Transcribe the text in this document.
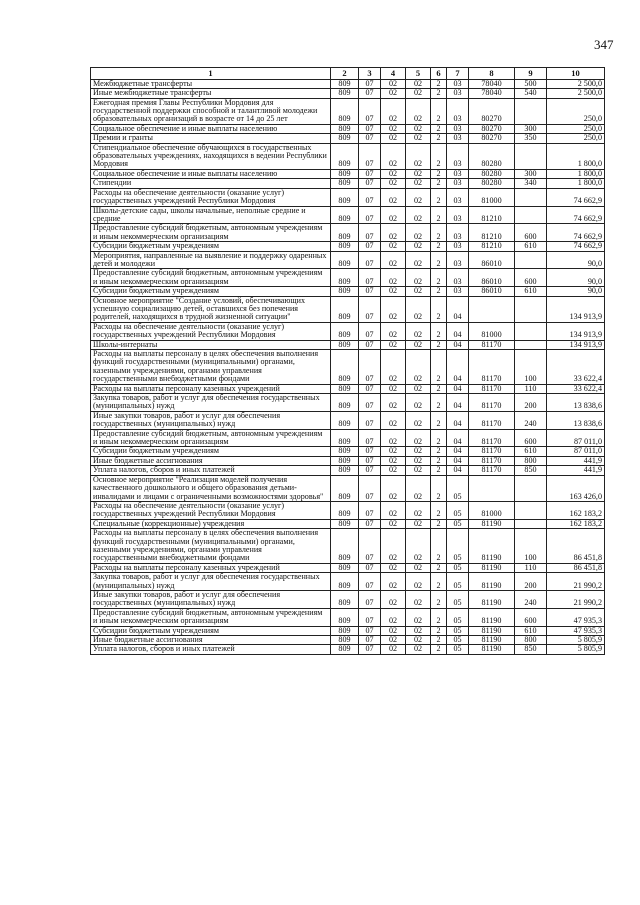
347
1	2	3	4	5	6	7	8	9	10
Межбюджетные трансферты	809	07	02	02	2	03	78040	500	2 500,0
Иные межбюджетные трансферты	809	07	02	02	2	03	78040	540	2 500,0
Ежегодная премия Главы Республики Мордовия для государственной поддержки способной и талантливой молодежи образовательных организаций в возрасте от 14 до 25 лет	809	07	02	02	2	03	80270		250,0
Социальное обеспечение и иные выплаты населению	809	07	02	02	2	03	80270	300	250,0
Премии и гранты	809	07	02	02	2	03	80270	350	250,0
Стипендиальное обеспечение обучающихся в государственных образовательных учреждениях, находящихся в ведении Республики Мордовия	809	07	02	02	2	03	80280		1 800,0
Социальное обеспечение и иные выплаты населению	809	07	02	02	2	03	80280	300	1 800,0
Стипендии	809	07	02	02	2	03	80280	340	1 800,0
Расходы на обеспечение деятельности (оказание услуг) государственных учреждений Республики Мордовия	809	07	02	02	2	03	81000		74 662,9
Школы-детские сады, школы начальные, неполные средние и средние	809	07	02	02	2	03	81210		74 662,9
Предоставление субсидий бюджетным, автономным учреждениям и иным некоммерческим организациям	809	07	02	02	2	03	81210	600	74 662,9
Субсидии бюджетным учреждениям	809	07	02	02	2	03	81210	610	74 662,9
Мероприятия, направленные на выявление и поддержку одаренных детей и молодежи	809	07	02	02	2	03	86010		90,0
Предоставление субсидий бюджетным, автономным учреждениям и иным некоммерческим организациям	809	07	02	02	2	03	86010	600	90,0
Субсидии бюджетным учреждениям	809	07	02	02	2	03	86010	610	90,0
Основное мероприятие "Создание условий, обеспечивающих успешную социализацию детей, оставшихся без попечения родителей, находящихся в трудной жизненной ситуации"	809	07	02	02	2	04			134 913,9
Расходы на обеспечение деятельности (оказание услуг) государственных учреждений Республики Мордовия	809	07	02	02	2	04	81000		134 913,9
Школы-интернаты	809	07	02	02	2	04	81170		134 913,9
Расходы на выплаты персоналу в целях обеспечения выполнения функций государственными (муниципальными) органами, казенными учреждениями, органами управления государственными внебюджетными фондами	809	07	02	02	2	04	81170	100	33 622,4
Расходы на выплаты персоналу казенных учреждений	809	07	02	02	2	04	81170	110	33 622,4
Закупка товаров, работ и услуг для обеспечения государственных (муниципальных) нужд	809	07	02	02	2	04	81170	200	13 838,6
Иные закупки товаров, работ и услуг для обеспечения государственных (муниципальных) нужд	809	07	02	02	2	04	81170	240	13 838,6
Предоставление субсидий бюджетным, автономным учреждениям и иным некоммерческим организациям	809	07	02	02	2	04	81170	600	87 011,0
Субсидии бюджетным учреждениям	809	07	02	02	2	04	81170	610	87 011,0
Иные бюджетные ассигнования	809	07	02	02	2	04	81170	800	441,9
Уплата налогов, сборов и иных платежей	809	07	02	02	2	04	81170	850	441,9
Основное мероприятие "Реализация моделей получения качественного дошкольного и общего образования детьми-инвалидами и лицами с ограниченными возможностями здоровья"	809	07	02	02	2	05			163 426,0
Расходы на обеспечение деятельности (оказание услуг) государственных учреждений Республики Мордовия	809	07	02	02	2	05	81000		162 183,2
Специальные (коррекционные) учреждения	809	07	02	02	2	05	81190		162 183,2
Расходы на выплаты персоналу в целях обеспечения выполнения функций государственными (муниципальными) органами, казенными учреждениями, органами управления государственными внебюджетными фондами	809	07	02	02	2	05	81190	100	86 451,8
Расходы на выплаты персоналу казенных учреждений	809	07	02	02	2	05	81190	110	86 451,8
Закупка товаров, работ и услуг для обеспечения государственных (муниципальных) нужд	809	07	02	02	2	05	81190	200	21 990,2
Иные закупки товаров, работ и услуг для обеспечения государственных (муниципальных) нужд	809	07	02	02	2	05	81190	240	21 990,2
Предоставление субсидий бюджетным, автономным учреждениям и иным некоммерческим организациям	809	07	02	02	2	05	81190	600	47 935,3
Субсидии бюджетным учреждениям	809	07	02	02	2	05	81190	610	47 935,3
Иные бюджетные ассигнования	809	07	02	02	2	05	81190	800	5 805,9
Уплата налогов, сборов и иных платежей	809	07	02	02	2	05	81190	850	5 805,9
